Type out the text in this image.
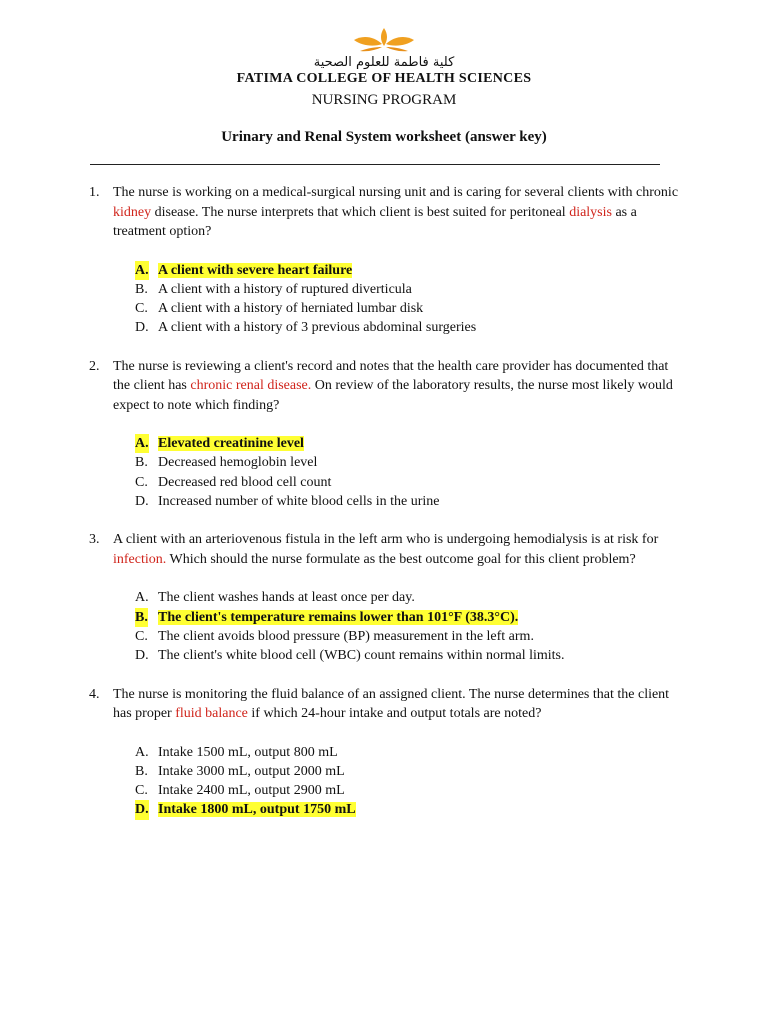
كلية فاطمة للعلوم الصحية
FATIMA COLLEGE OF HEALTH SCIENCES
NURSING PROGRAM
Urinary and Renal System worksheet (answer key)
1. The nurse is working on a medical-surgical nursing unit and is caring for several clients with chronic kidney disease. The nurse interprets that which client is best suited for peritoneal dialysis as a treatment option?
A. A client with severe heart failure
B. A client with a history of ruptured diverticula
C. A client with a history of herniated lumbar disk
D. A client with a history of 3 previous abdominal surgeries
2. The nurse is reviewing a client's record and notes that the health care provider has documented that the client has chronic renal disease. On review of the laboratory results, the nurse most likely would expect to note which finding?
A. Elevated creatinine level
B. Decreased hemoglobin level
C. Decreased red blood cell count
D. Increased number of white blood cells in the urine
3. A client with an arteriovenous fistula in the left arm who is undergoing hemodialysis is at risk for infection. Which should the nurse formulate as the best outcome goal for this client problem?
A. The client washes hands at least once per day.
B. The client's temperature remains lower than 101°F (38.3°C).
C. The client avoids blood pressure (BP) measurement in the left arm.
D. The client's white blood cell (WBC) count remains within normal limits.
4. The nurse is monitoring the fluid balance of an assigned client. The nurse determines that the client has proper fluid balance if which 24-hour intake and output totals are noted?
A. Intake 1500 mL, output 800 mL
B. Intake 3000 mL, output 2000 mL
C. Intake 2400 mL, output 2900 mL
D. Intake 1800 mL, output 1750 mL
